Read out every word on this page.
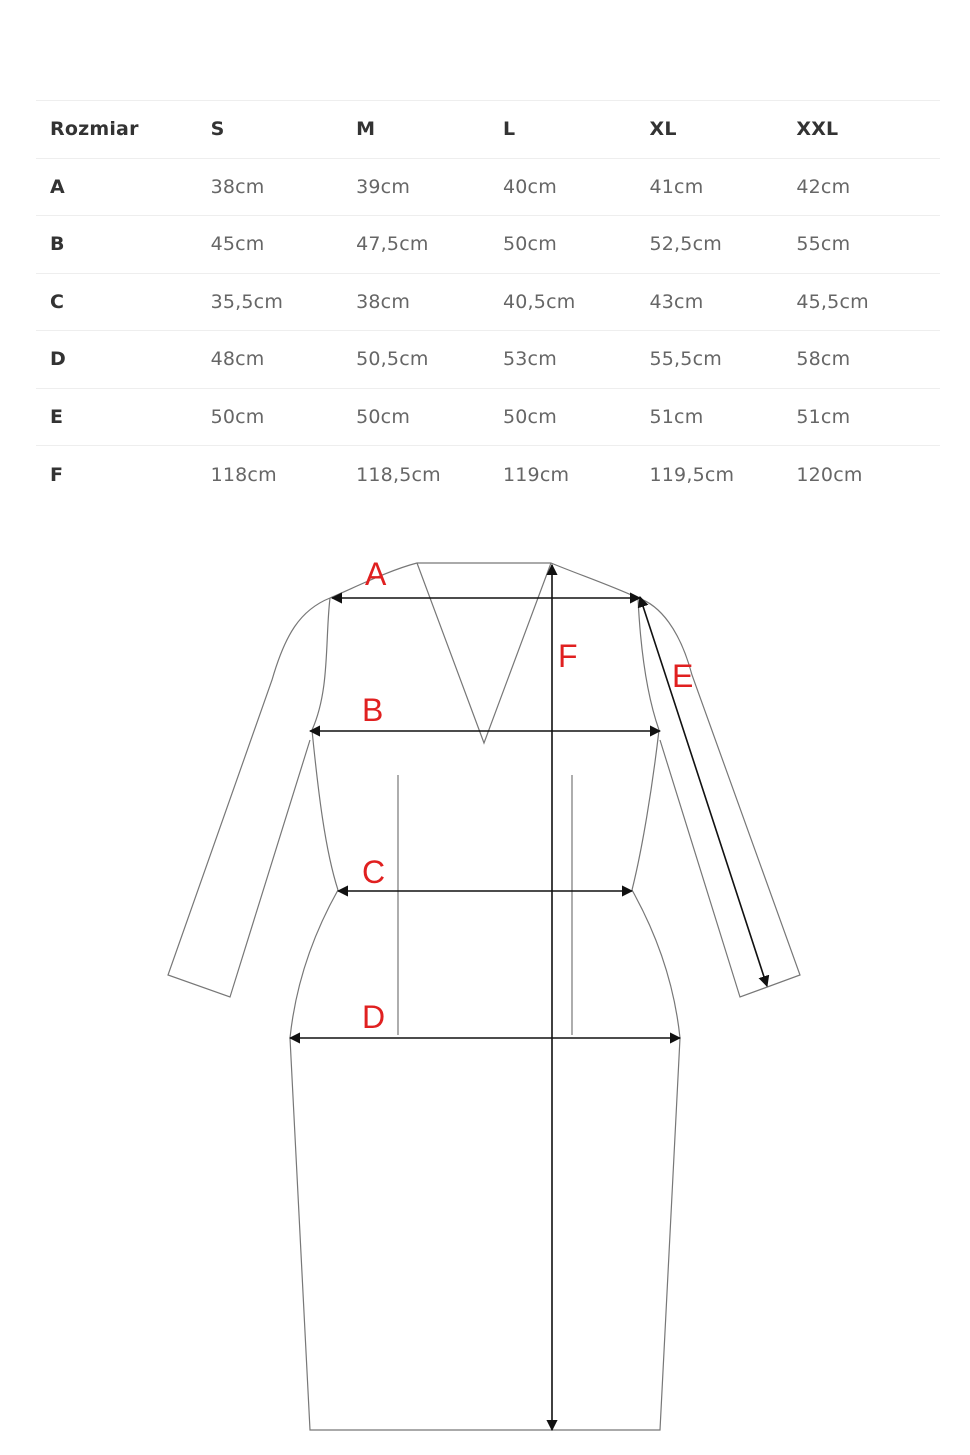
Rozmiar	S	M	L	XL	XXL
A	38cm	39cm	40cm	41cm	42cm
B	45cm	47,5cm	50cm	52,5cm	55cm
C	35,5cm	38cm	40,5cm	43cm	45,5cm
D	48cm	50,5cm	53cm	55,5cm	58cm
E	50cm	50cm	50cm	51cm	51cm
F	118cm	118,5cm	119cm	119,5cm	120cm
A
B
C
D
E
F
